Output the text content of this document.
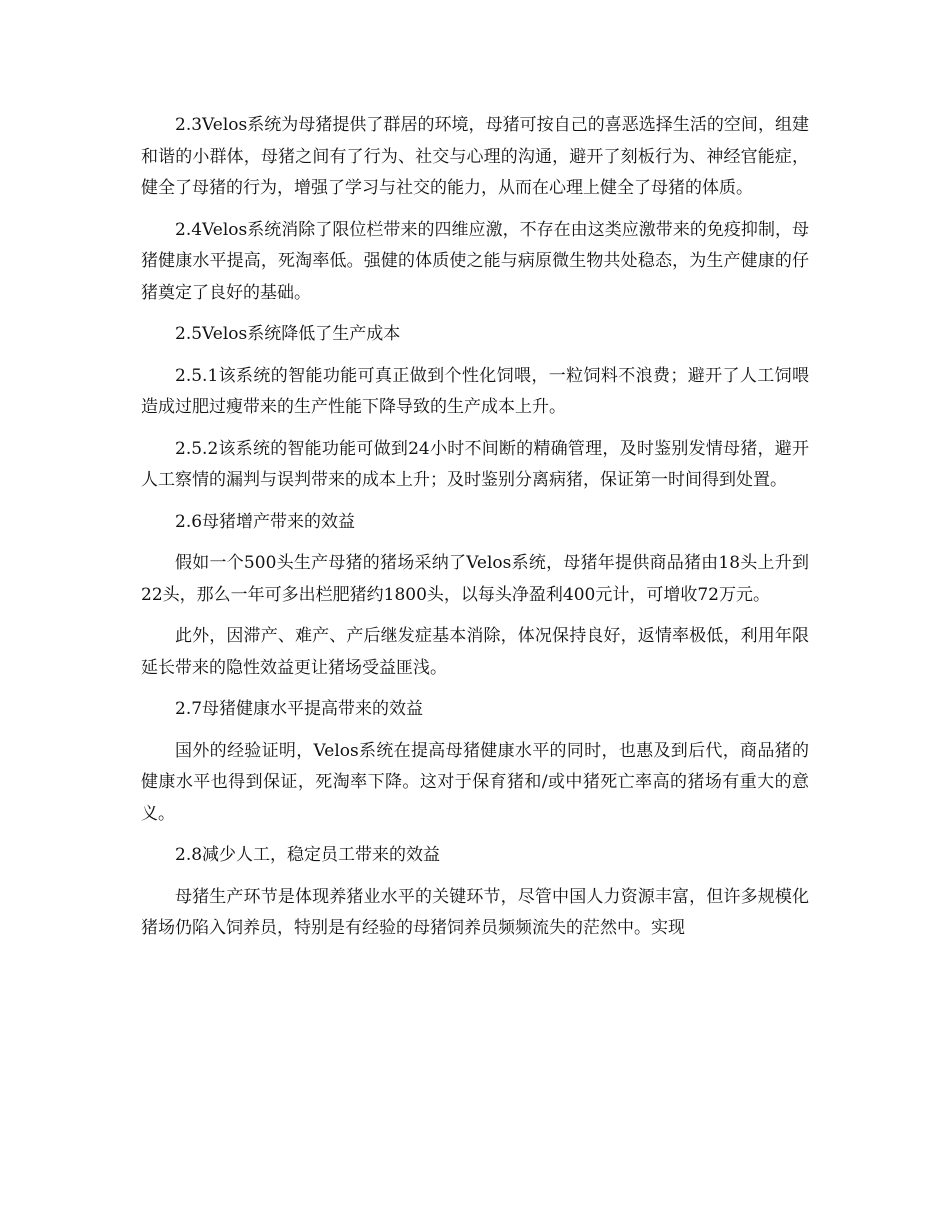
2.3Velos系统为母猪提供了群居的环境，母猪可按自己的喜恶选择生活的空间，组建和谐的小群体，母猪之间有了行为、社交与心理的沟通，避开了刻板行为、神经官能症，健全了母猪的行为，增强了学习与社交的能力，从而在心理上健全了母猪的体质。

2.4Velos系统消除了限位栏带来的四维应激，不存在由这类应激带来的免疫抑制，母猪健康水平提高，死淘率低。强健的体质使之能与病原微生物共处稳态，为生产健康的仔猪奠定了良好的基础。

2.5Velos系统降低了生产成本

2.5.1该系统的智能功能可真正做到个性化饲喂，一粒饲料不浪费；避开了人工饲喂造成过肥过瘦带来的生产性能下降导致的生产成本上升。

2.5.2该系统的智能功能可做到24小时不间断的精确管理，及时鉴别发情母猪，避开人工察情的漏判与误判带来的成本上升；及时鉴别分离病猪，保证第一时间得到处置。

2.6母猪增产带来的效益

假如一个500头生产母猪的猪场采纳了Velos系统，母猪年提供商品猪由18头上升到22头，那么一年可多出栏肥猪约1800头，以每头净盈利400元计，可增收72万元。

此外，因滞产、难产、产后继发症基本消除，体况保持良好，返情率极低，利用年限延长带来的隐性效益更让猪场受益匪浅。

2.7母猪健康水平提高带来的效益

国外的经验证明，Velos系统在提高母猪健康水平的同时，也惠及到后代，商品猪的健康水平也得到保证，死淘率下降。这对于保育猪和/或中猪死亡率高的猪场有重大的意义。

2.8减少人工，稳定员工带来的效益

母猪生产环节是体现养猪业水平的关键环节，尽管中国人力资源丰富，但许多规模化猪场仍陷入饲养员，特别是有经验的母猪饲养员频频流失的茫然中。实现
